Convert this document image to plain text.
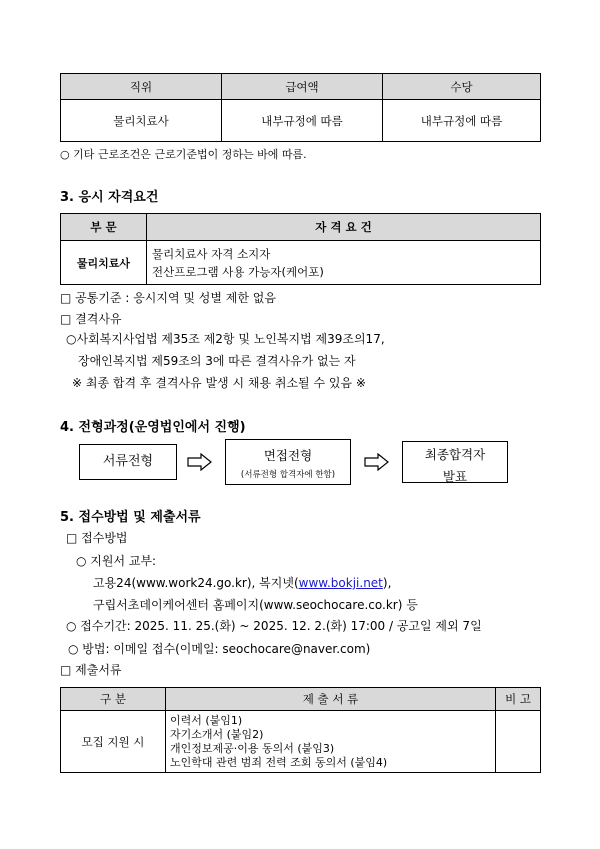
직위	급여액	수당
물리치료사	내부규정에 따름	내부규정에 따름
○ 기타 근로조건은 근로기준법이 정하는 바에 따름.
3. 응시 자격요건
부 문	자 격 요 건
물리치료사	물리치료사 자격 소지자
전산프로그램 사용 가능자(케어포)
□ 공통기준 : 응시지역 및 성별 제한 없음
□ 결격사유
○사회복지사업법 제35조 제2항 및 노인복지법 제39조의17,
장애인복지법 제59조의 3에 따른 결격사유가 없는 자
※ 최종 합격 후 결격사유 발생 시 채용 취소될 수 있음 ※
4. 전형과정(운영법인에서 진행)
서류전형	면접전형
(서류전형 합격자에 한함)
최종합격자
발표
5. 접수방법 및 제출서류
□ 접수방법
○ 지원서 교부:
고용24(www.work24.go.kr), 복지넷(www.bokji.net),
구립서초데이케어센터 홈페이지(www.seochocare.co.kr) 등
○ 접수기간: 2025. 11. 25.(화) ~ 2025. 12. 2.(화) 17:00 / 공고일 제외 7일
○ 방법: 이메일 접수(이메일: seochocare@naver.com)
□ 제출서류
구 분	제 출 서 류	비 고
모집 지원 시	이력서 (붙임1)
자기소개서 (붙임2)
개인정보제공·이용 동의서 (붙임3)
노인학대 관련 범죄 전력 조회 동의서 (붙임4)	
